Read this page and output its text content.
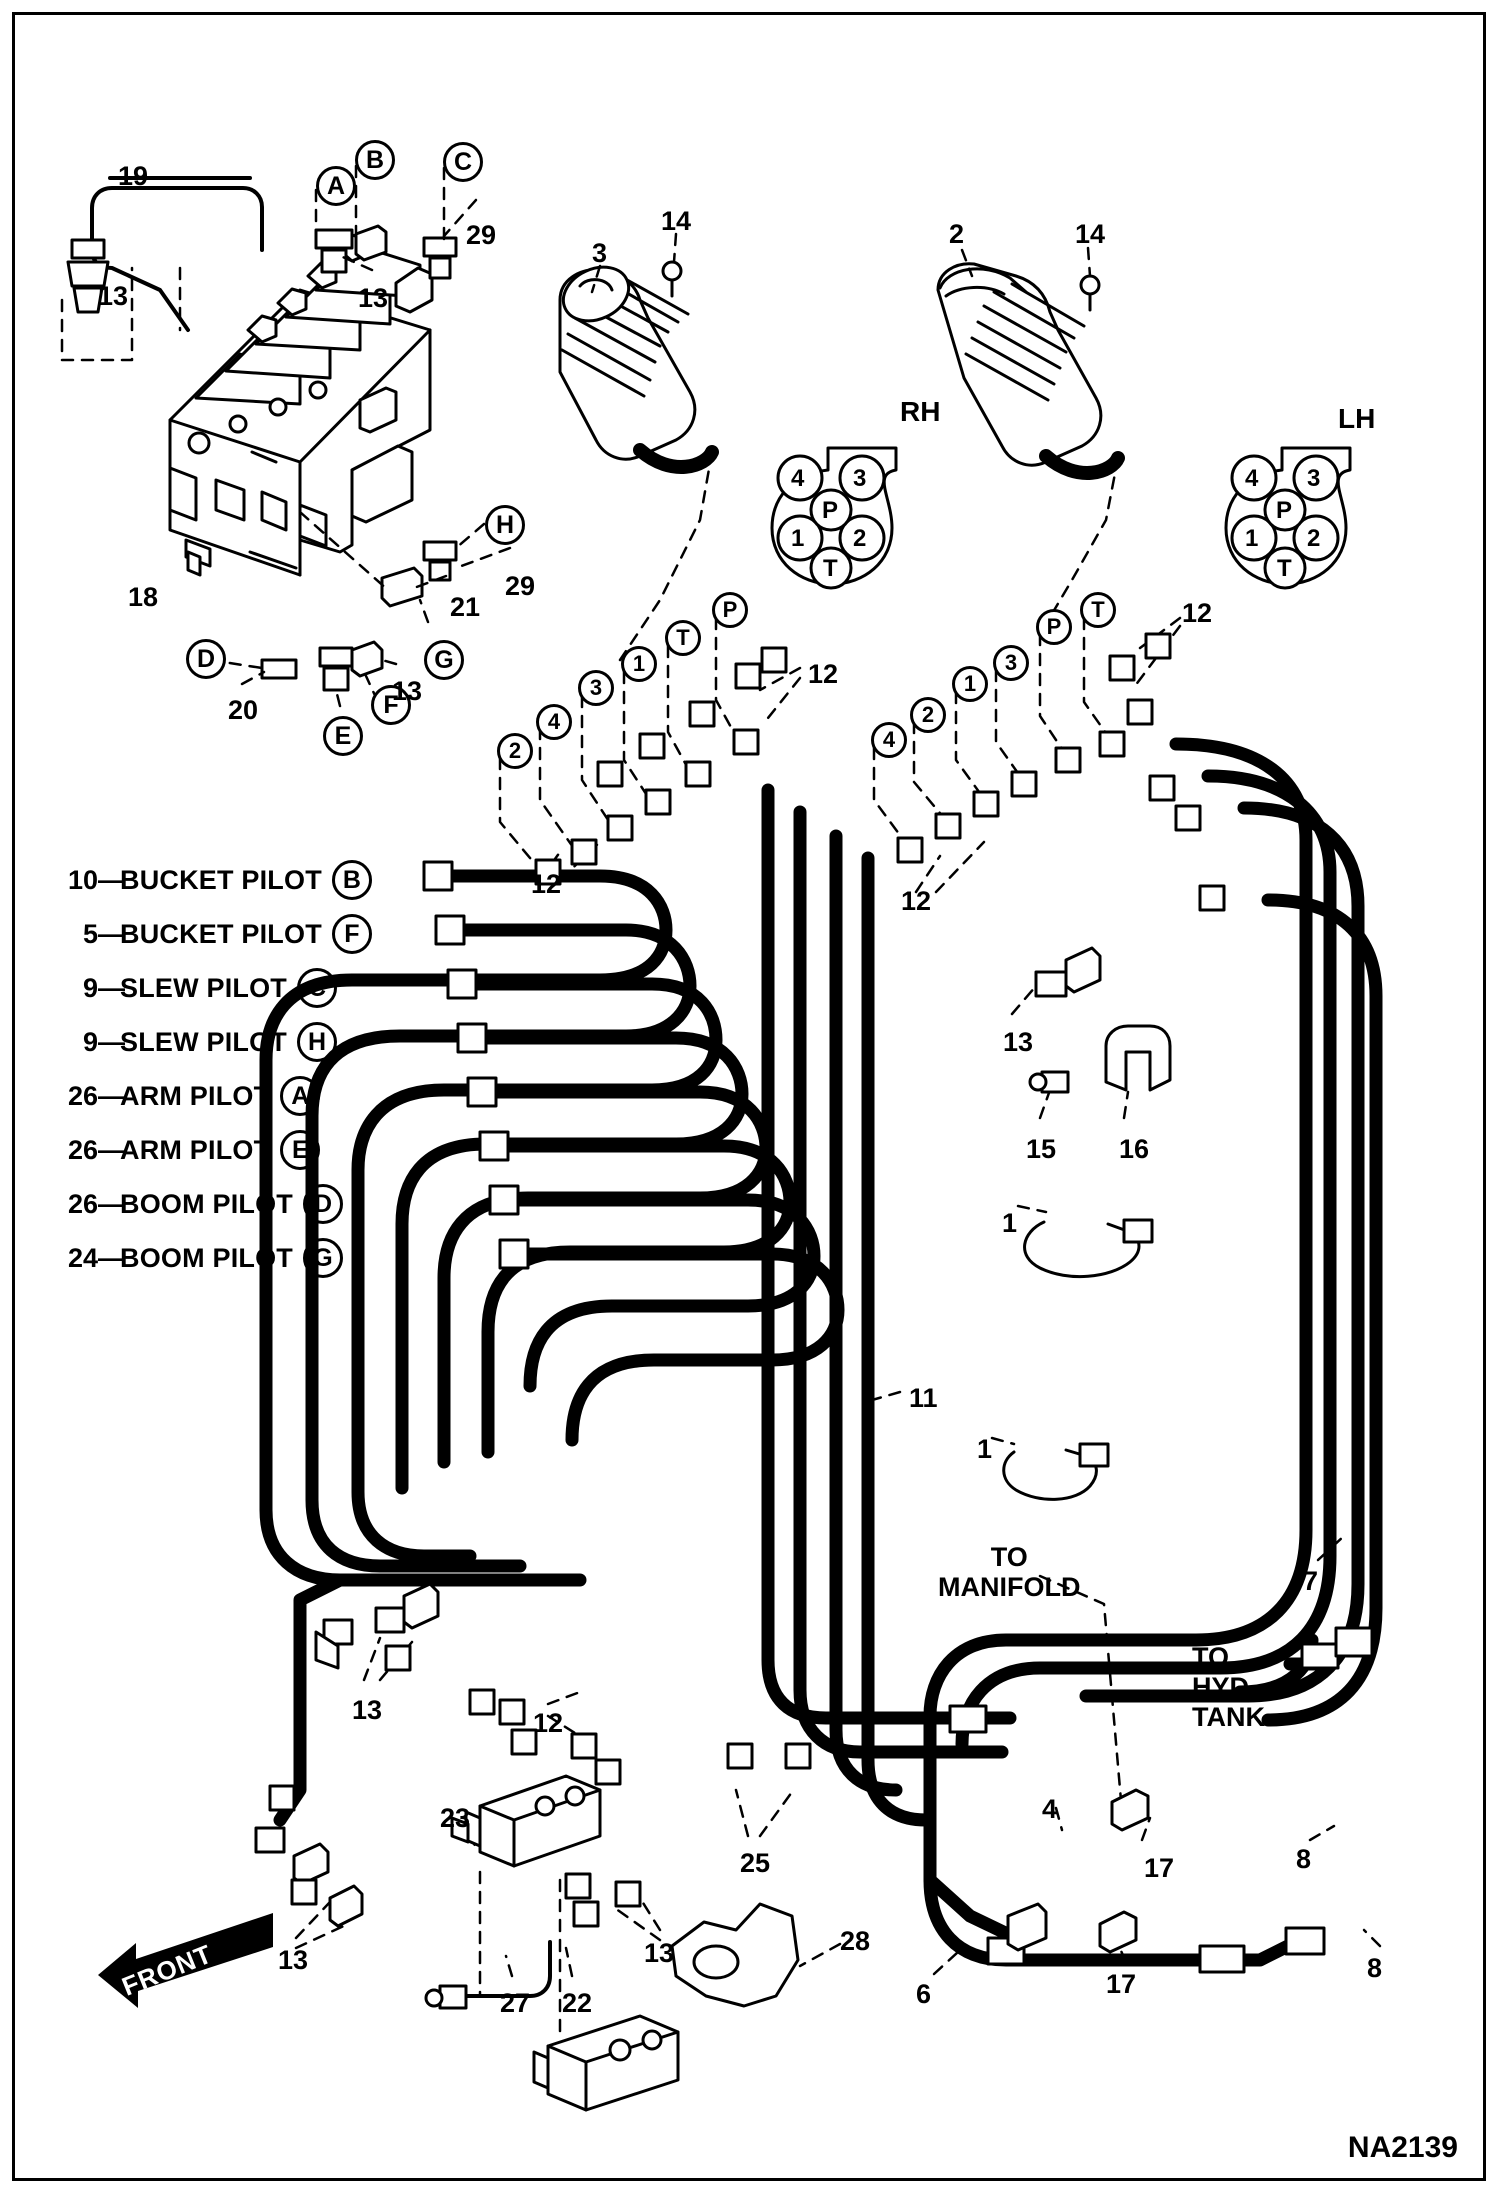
FRONT
10 —
BUCKET PILOT B
5 —
BUCKET PILOT F
9 —
SLEW PILOT C
9 —
SLEW PILOT H
26 —
ARM PILOT A
26 —
ARM PILOT E
26 —
BOOM PILOT D
24 —
BOOM PILOT G
A
B	C
H
G
D
E
F
2
4
3
1
T
P
4
2
1
3
P
T
RH	LH
4 3
P
1 2
T
4 3
P
1 2
T
19
13
29
13
14
3
2	14
18	21
29
20
13
12
12
12
12
13
15 16
1
11
1
7
13	12
23
25
4
8
17
13	13
27 22
28
6	17
8
TO
MANIFOLD
TO
HYD
TANK
NA2139
